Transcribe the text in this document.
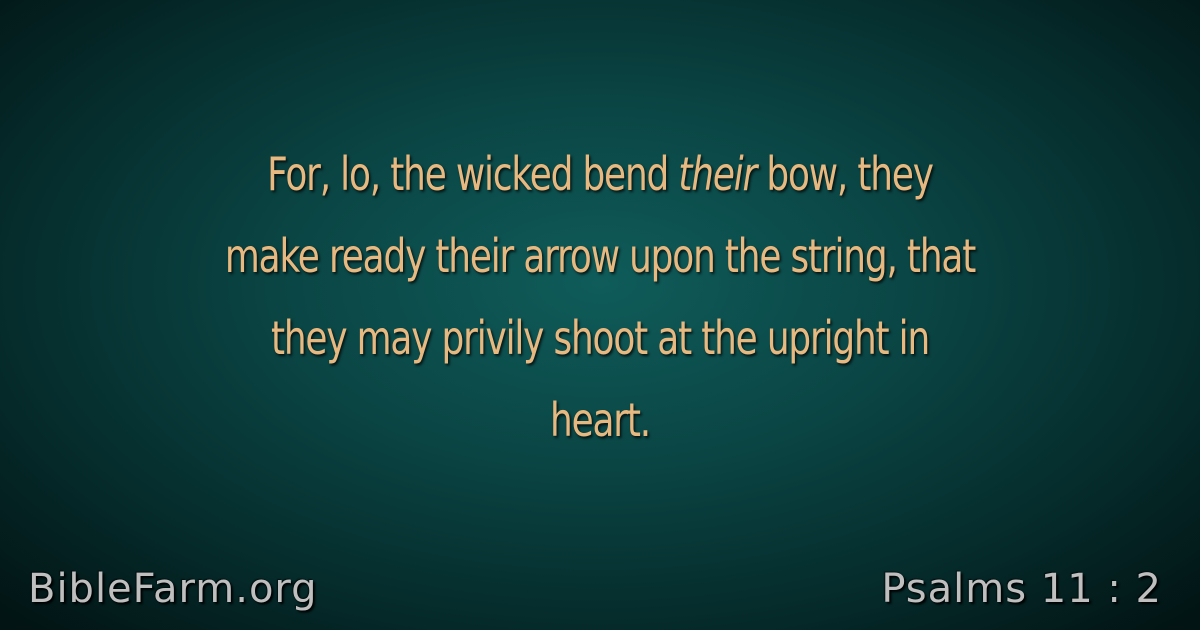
For, lo, the wicked bend their bow, they
make ready their arrow upon the string, that
they may privily shoot at the upright in
heart.
BibleFarm.org	Psalms 11 : 2
